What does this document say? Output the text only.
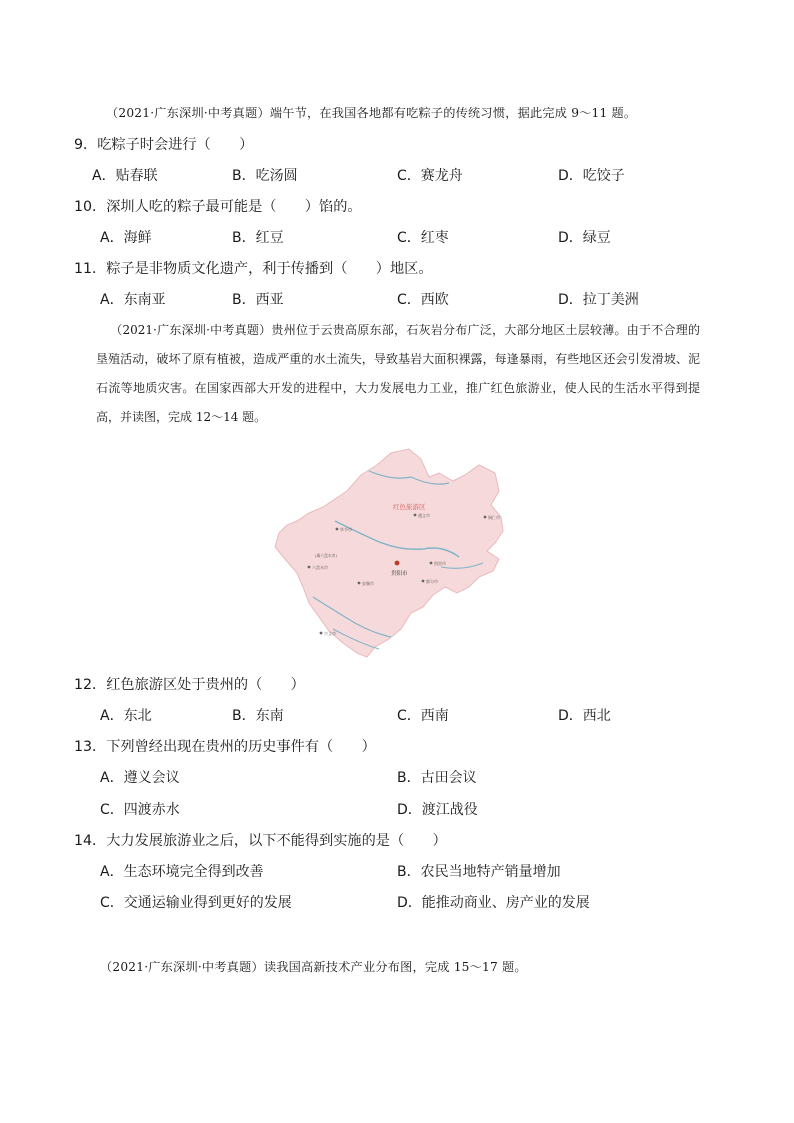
（2021·广东深圳·中考真题）端午节，在我国各地都有吃粽子的传统习惯，据此完成 9～11 题。
9．吃粽子时会进行（　　）
A．贴春联	B．吃汤圆	C．赛龙舟	D．吃饺子
10．深圳人吃的粽子最可能是（　　）馅的。
A．海鲜	B．红豆	C．红枣	D．绿豆
11．粽子是非物质文化遗产，利于传播到（　　）地区。
A．东南亚	B．西亚	C．西欧	D．拉丁美洲
（2021·广东深圳·中考真题）贵州位于云贵高原东部，石灰岩分布广泛，大部分地区土层较薄。由于不合理的垦殖活动，破坏了原有植被，造成严重的水土流失，导致基岩大面积裸露，每逢暴雨，有些地区还会引发滑坡、泥石流等地质灾害。在国家西部大开发的进程中，大力发展电力工业，推广红色旅游业，使人民的生活水平得到提高，并读图，完成 12～14 题。
红色旅游区
贵阳市
遵义市	铜仁市
毕节市
(属六盘水市)
六盘水市
安顺市
凯里市
都匀市
兴义市
12．红色旅游区处于贵州的（　　）
A．东北	B．东南	C．西南	D．西北
13．下列曾经出现在贵州的历史事件有（　　）
A．遵义会议	B．古田会议
C．四渡赤水	D．渡江战役
14．大力发展旅游业之后，以下不能得到实施的是（　　）
A．生态环境完全得到改善	B．农民当地特产销量增加
C．交通运输业得到更好的发展	D．能推动商业、房产业的发展
（2021·广东深圳·中考真题）读我国高新技术产业分布图，完成 15～17 题。
